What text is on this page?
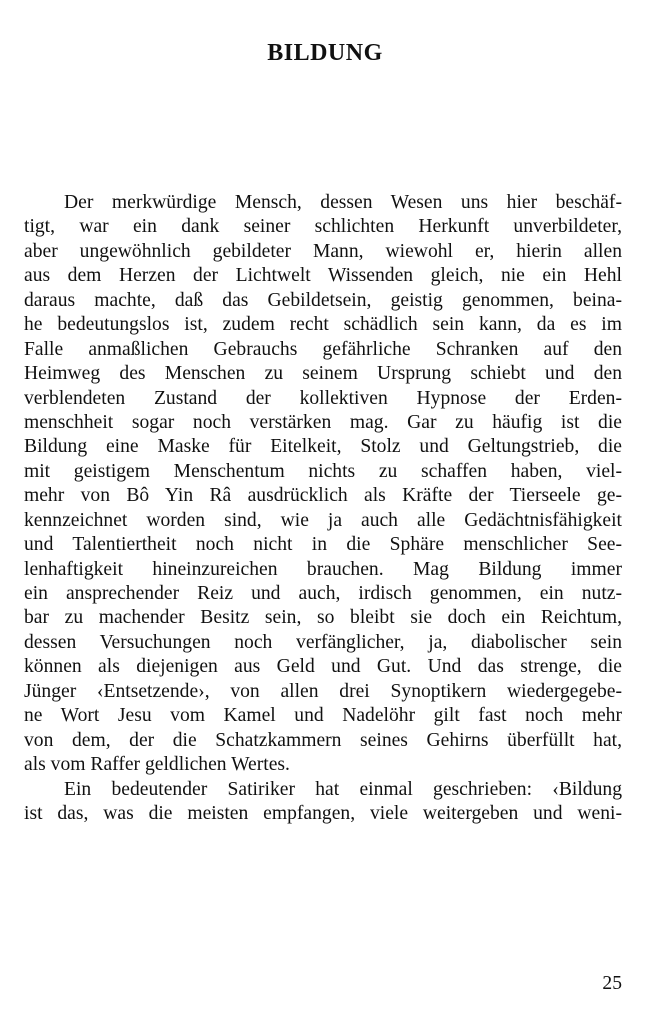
BILDUNG
Der merkwürdige Mensch, dessen Wesen uns hier beschäf-
tigt, war ein dank seiner schlichten Herkunft unverbildeter,
aber ungewöhnlich gebildeter Mann, wiewohl er, hierin allen
aus dem Herzen der Lichtwelt Wissenden gleich, nie ein Hehl
daraus machte, daß das Gebildetsein, geistig genommen, beina-
he bedeutungslos ist, zudem recht schädlich sein kann, da es im
Falle anmaßlichen Gebrauchs gefährliche Schranken auf den
Heimweg des Menschen zu seinem Ursprung schiebt und den
verblendeten Zustand der kollektiven Hypnose der Erden-
menschheit sogar noch verstärken mag. Gar zu häufig ist die
Bildung eine Maske für Eitelkeit, Stolz und Geltungstrieb, die
mit geistigem Menschentum nichts zu schaffen haben, viel-
mehr von Bô Yin Râ ausdrücklich als Kräfte der Tierseele ge-
kennzeichnet worden sind, wie ja auch alle Gedächtnisfähigkeit
und Talentiertheit noch nicht in die Sphäre menschlicher See-
lenhaftigkeit hineinzureichen brauchen. Mag Bildung immer
ein ansprechender Reiz und auch, irdisch genommen, ein nutz-
bar zu machender Besitz sein, so bleibt sie doch ein Reichtum,
dessen Versuchungen noch verfänglicher, ja, diabolischer sein
können als diejenigen aus Geld und Gut. Und das strenge, die
Jünger ‹Entsetzende›, von allen drei Synoptikern wiedergegebe-
ne Wort Jesu vom Kamel und Nadelöhr gilt fast noch mehr
von dem, der die Schatzkammern seines Gehirns überfüllt hat,
als vom Raffer geldlichen Wertes.
Ein bedeutender Satiriker hat einmal geschrieben: ‹Bildung
ist das, was die meisten empfangen, viele weitergeben und weni-
25
